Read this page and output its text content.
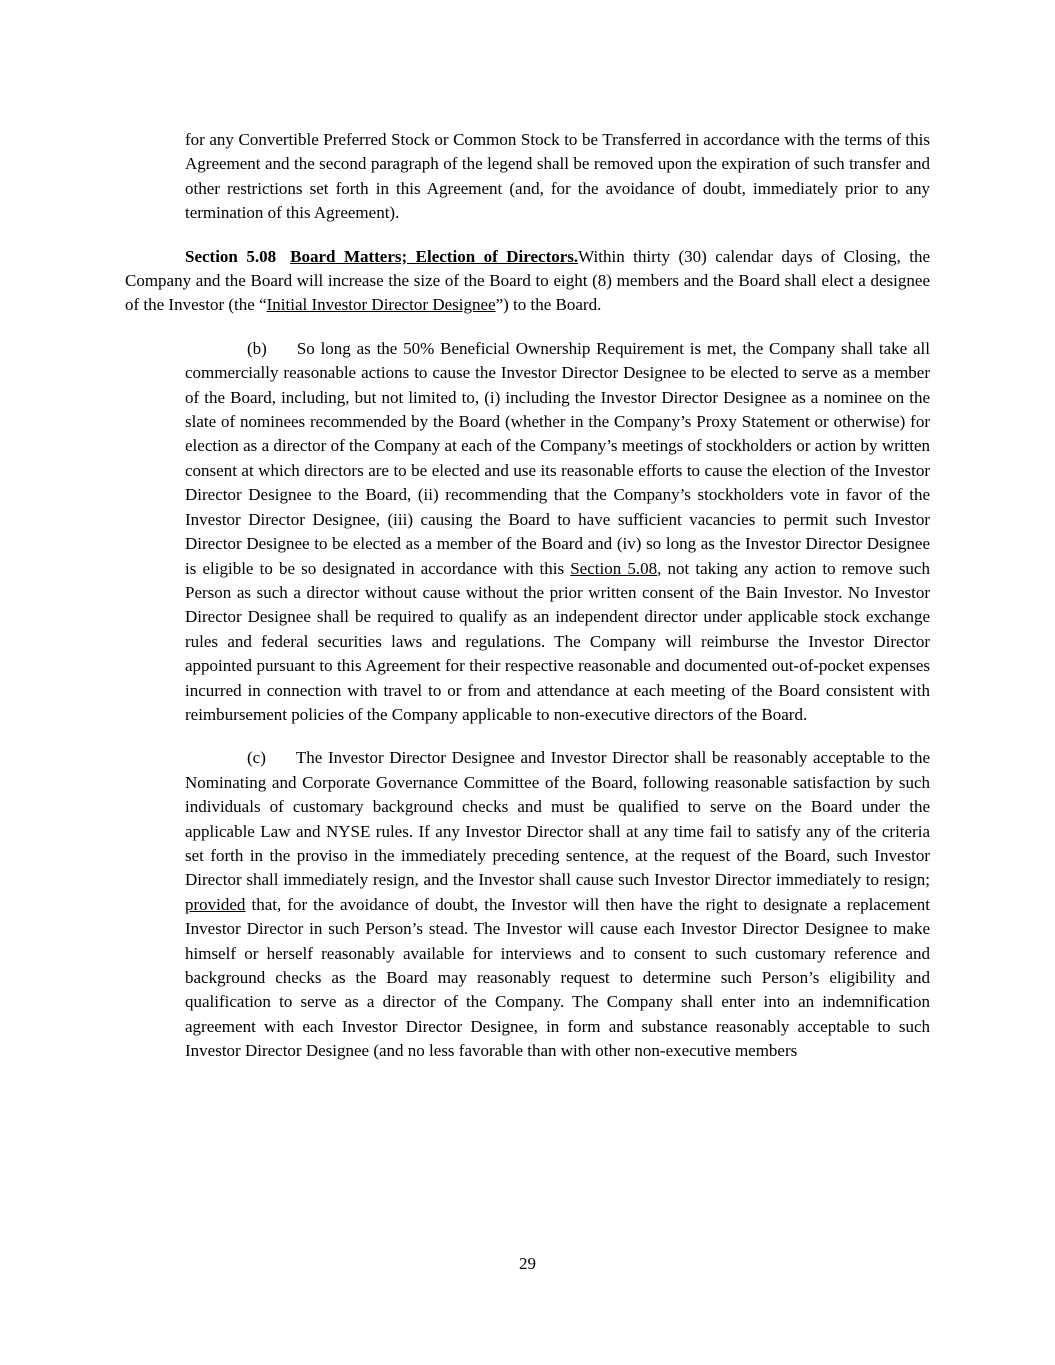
for any Convertible Preferred Stock or Common Stock to be Transferred in accordance with the terms of this Agreement and the second paragraph of the legend shall be removed upon the expiration of such transfer and other restrictions set forth in this Agreement (and, for the avoidance of doubt, immediately prior to any termination of this Agreement).

Section 5.08 Board Matters; Election of Directors.Within thirty (30) calendar days of Closing, the Company and the Board will increase the size of the Board to eight (8) members and the Board shall elect a designee of the Investor (the “Initial Investor Director Designee”) to the Board.

(b) So long as the 50% Beneficial Ownership Requirement is met, the Company shall take all commercially reasonable actions to cause the Investor Director Designee to be elected to serve as a member of the Board, including, but not limited to, (i) including the Investor Director Designee as a nominee on the slate of nominees recommended by the Board (whether in the Company’s Proxy Statement or otherwise) for election as a director of the Company at each of the Company’s meetings of stockholders or action by written consent at which directors are to be elected and use its reasonable efforts to cause the election of the Investor Director Designee to the Board, (ii) recommending that the Company’s stockholders vote in favor of the Investor Director Designee, (iii) causing the Board to have sufficient vacancies to permit such Investor Director Designee to be elected as a member of the Board and (iv) so long as the Investor Director Designee is eligible to be so designated in accordance with this Section 5.08, not taking any action to remove such Person as such a director without cause without the prior written consent of the Bain Investor. No Investor Director Designee shall be required to qualify as an independent director under applicable stock exchange rules and federal securities laws and regulations. The Company will reimburse the Investor Director appointed pursuant to this Agreement for their respective reasonable and documented out-of-pocket expenses incurred in connection with travel to or from and attendance at each meeting of the Board consistent with reimbursement policies of the Company applicable to non-executive directors of the Board.

(c) The Investor Director Designee and Investor Director shall be reasonably acceptable to the Nominating and Corporate Governance Committee of the Board, following reasonable satisfaction by such individuals of customary background checks and must be qualified to serve on the Board under the applicable Law and NYSE rules. If any Investor Director shall at any time fail to satisfy any of the criteria set forth in the proviso in the immediately preceding sentence, at the request of the Board, such Investor Director shall immediately resign, and the Investor shall cause such Investor Director immediately to resign; provided that, for the avoidance of doubt, the Investor will then have the right to designate a replacement Investor Director in such Person’s stead. The Investor will cause each Investor Director Designee to make himself or herself reasonably available for interviews and to consent to such customary reference and background checks as the Board may reasonably request to determine such Person’s eligibility and qualification to serve as a director of the Company. The Company shall enter into an indemnification agreement with each Investor Director Designee, in form and substance reasonably acceptable to such Investor Director Designee (and no less favorable than with other non-executive members

29
